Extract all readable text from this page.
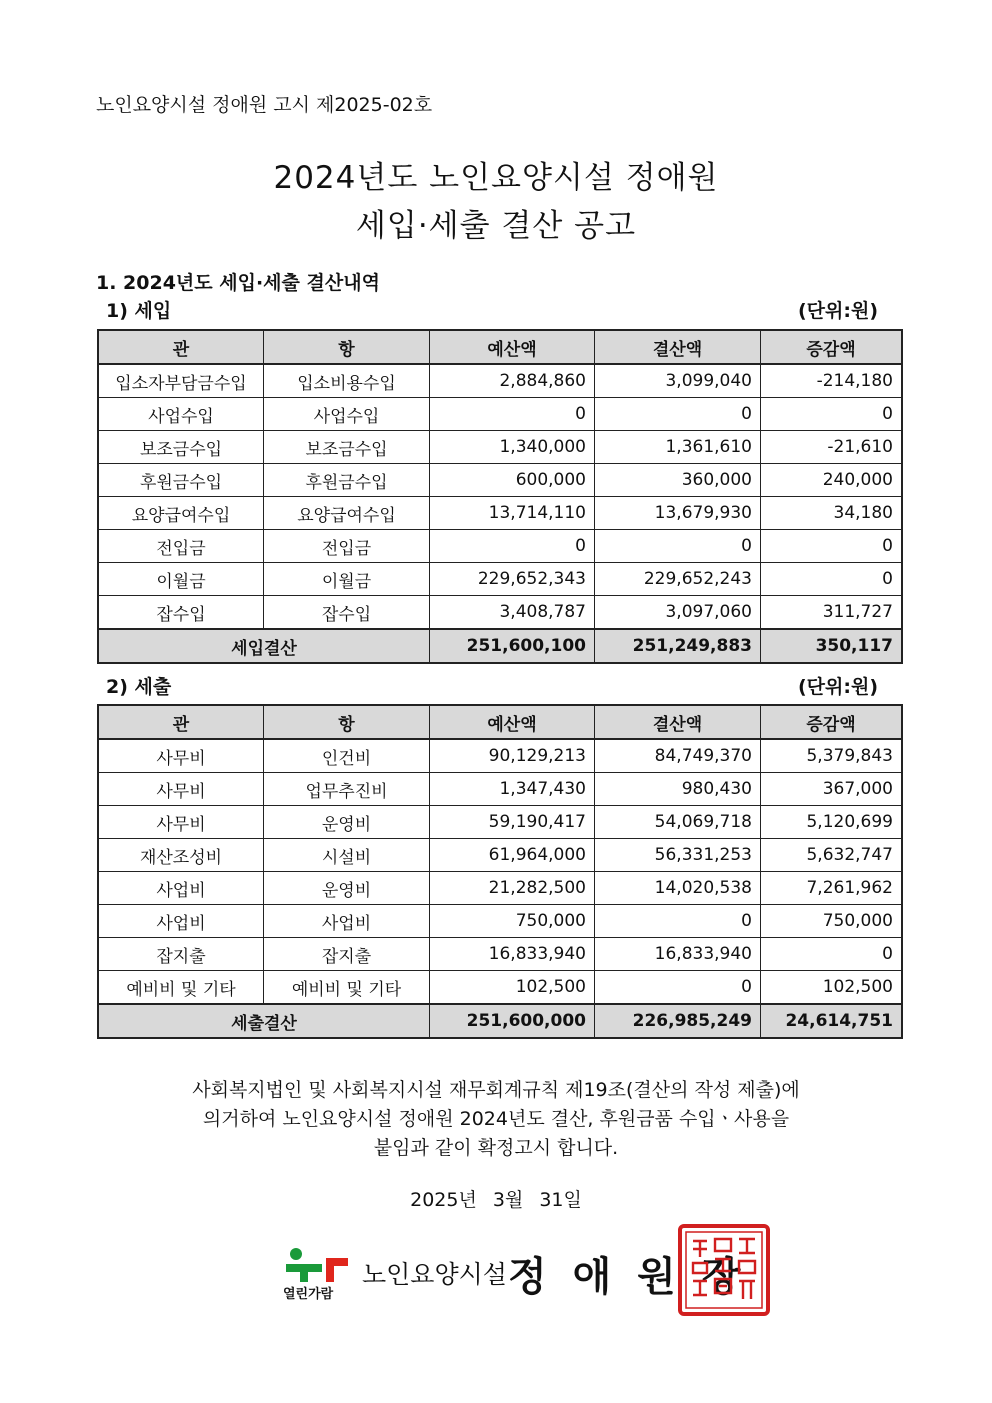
노인요양시설 정애원 고시 제2025-02호
2024년도 노인요양시설 정애원
세입·세출 결산 공고
1. 2024년도 세입·세출 결산내역
1) 세입	(단위:원)
관	항	예산액	결산액	증감액
입소자부담금수입	입소비용수입	2,884,860	3,099,040	-214,180
사업수입	사업수입	0	0	0
보조금수입	보조금수입	1,340,000	1,361,610	-21,610
후원금수입	후원금수입	600,000	360,000	240,000
요양급여수입	요양급여수입	13,714,110	13,679,930	34,180
전입금	전입금	0	0	0
이월금	이월금	229,652,343	229,652,243	0
잡수입	잡수입	3,408,787	3,097,060	311,727
세입결산		251,600,100	251,249,883	350,117
2) 세출	(단위:원)
관	항	예산액	결산액	증감액
사무비	인건비	90,129,213	84,749,370	5,379,843
사무비	업무추진비	1,347,430	980,430	367,000
사무비	운영비	59,190,417	54,069,718	5,120,699
재산조성비	시설비	61,964,000	56,331,253	5,632,747
사업비	운영비	21,282,500	14,020,538	7,261,962
사업비	사업비	750,000	0	750,000
잡지출	잡지출	16,833,940	16,833,940	0
예비비 및 기타	예비비 및 기타	102,500	0	102,500
세출결산		251,600,000	226,985,249	24,614,751
사회복지법인 및 사회복지시설 재무회계규칙 제19조(결산의 작성 제출)에
의거하여 노인요양시설 정애원 2024년도 결산, 후원금품 수입ㆍ사용을
붙임과 같이 확정고시 합니다.
2025년 3월 31일
열린가람
노인요양시설 정 애 원 장
